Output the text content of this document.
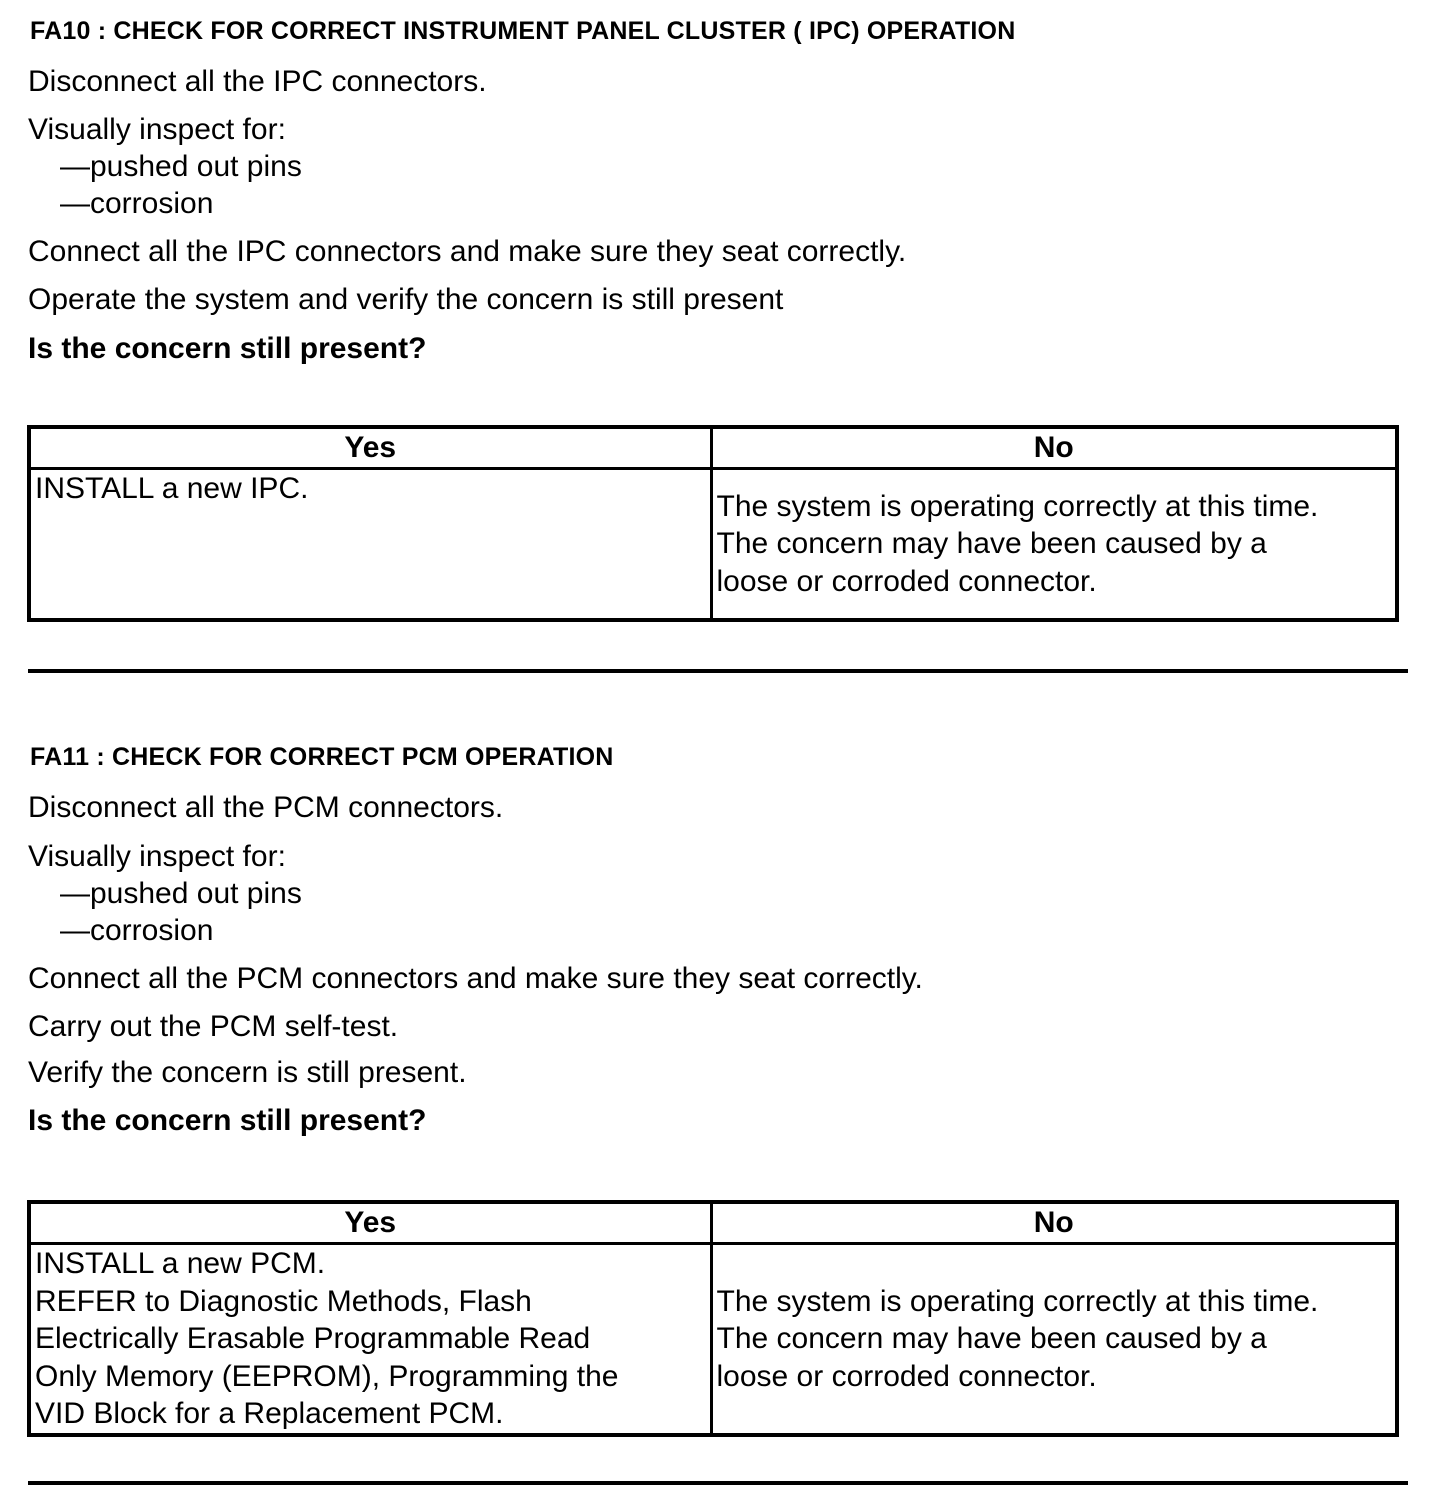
FA10 : CHECK FOR CORRECT INSTRUMENT PANEL CLUSTER ( IPC) OPERATION
Disconnect all the IPC connectors.
Visually inspect for:
—pushed out pins
—corrosion
Connect all the IPC connectors and make sure they seat correctly.
Operate the system and verify the concern is still present
Is the concern still present?
Yes	No

INSTALL a new IPC.	The system is operating correctly at this time.
The concern may have been caused by a
loose or corroded connector.
FA11 : CHECK FOR CORRECT PCM OPERATION
Disconnect all the PCM connectors.
Visually inspect for:
—pushed out pins
—corrosion
Connect all the PCM connectors and make sure they seat correctly.
Carry out the PCM self-test.
Verify the concern is still present.
Is the concern still present?
Yes	No

INSTALL a new PCM.
REFER to Diagnostic Methods, Flash
Electrically Erasable Programmable Read
Only Memory (EEPROM), Programming the
VID Block for a Replacement PCM.	The system is operating correctly at this time.
The concern may have been caused by a
loose or corroded connector.
